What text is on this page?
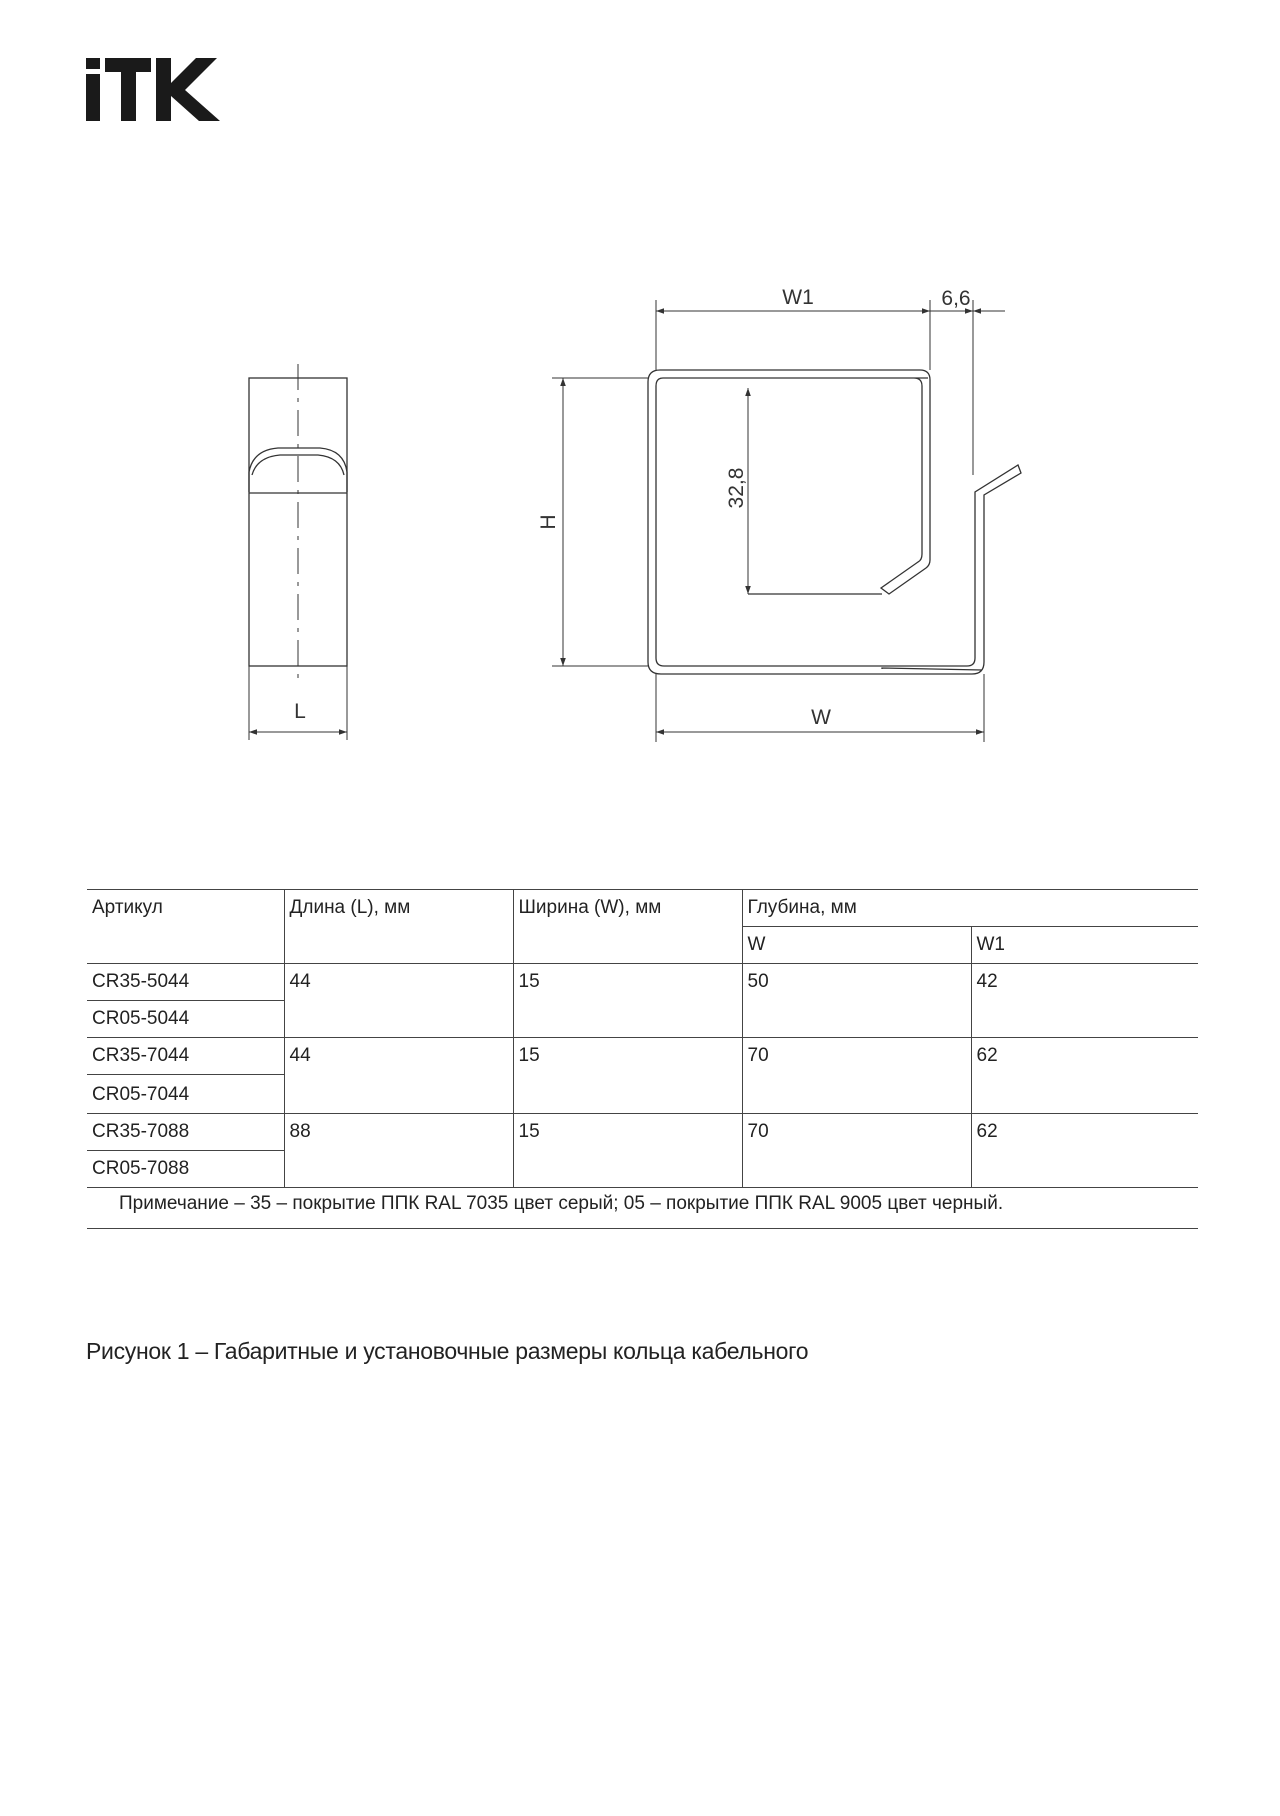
L
W1	6,6
H
32,8
W
Артикул	Длина (L), мм	Ширина (W), мм	Глубина, мм	
			W	W1
CR35-5044	44	15	50	42
CR05-5044				
CR35-7044	44	15	70	62
CR05-7044				
CR35-7088	88	15	70	62
CR05-7088				
Примечание – 35 – покрытие ППК RAL 7035 цвет серый; 05 – покрытие ППК RAL 9005 цвет черный.				
Рисунок 1 – Габаритные и установочные размеры кольца кабельного
